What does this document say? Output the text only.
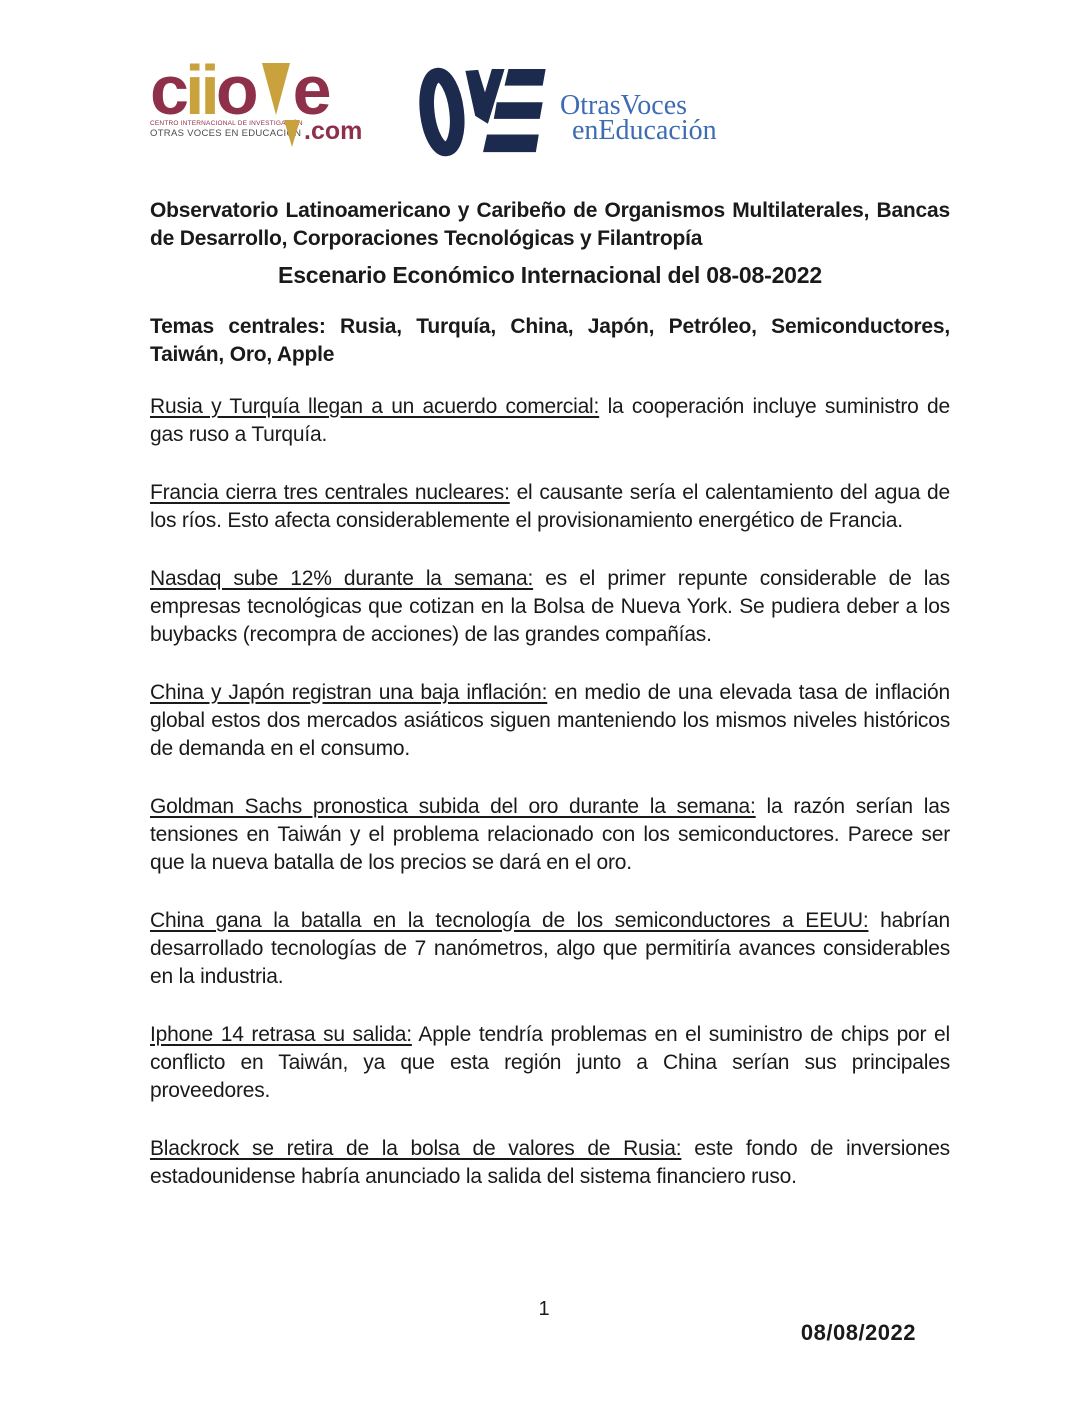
c ii o e
CENTRO INTERNACIONAL DE INVESTIGACIÓN
OTRAS VOCES EN EDUCACIÓN .com
OtrasVoces
enEducación

Observatorio Latinoamericano y Caribeño de Organismos Multilaterales, Bancas de Desarrollo, Corporaciones Tecnológicas y Filantropía

Escenario Económico Internacional del 08-08-2022

Temas centrales: Rusia, Turquía, China, Japón, Petróleo, Semiconductores, Taiwán, Oro, Apple

Rusia y Turquía llegan a un acuerdo comercial: la cooperación incluye suministro de gas ruso a Turquía.

Francia cierra tres centrales nucleares: el causante sería el calentamiento del agua de los ríos. Esto afecta considerablemente el provisionamiento energético de Francia.

Nasdaq sube 12% durante la semana: es el primer repunte considerable de las empresas tecnológicas que cotizan en la Bolsa de Nueva York. Se pudiera deber a los buybacks (recompra de acciones) de las grandes compañías.

China y Japón registran una baja inflación: en medio de una elevada tasa de inflación global estos dos mercados asiáticos siguen manteniendo los mismos niveles históricos de demanda en el consumo.

Goldman Sachs pronostica subida del oro durante la semana: la razón serían las tensiones en Taiwán y el problema relacionado con los semiconductores. Parece ser que la nueva batalla de los precios se dará en el oro.

China gana la batalla en la tecnología de los semiconductores a EEUU: habrían desarrollado tecnologías de 7 nanómetros, algo que permitiría avances considerables en la industria.

Iphone 14 retrasa su salida: Apple tendría problemas en el suministro de chips por el conflicto en Taiwán, ya que esta región junto a China serían sus principales proveedores.

Blackrock se retira de la bolsa de valores de Rusia: este fondo de inversiones estadounidense habría anunciado la salida del sistema financiero ruso.

1
08/08/2022
